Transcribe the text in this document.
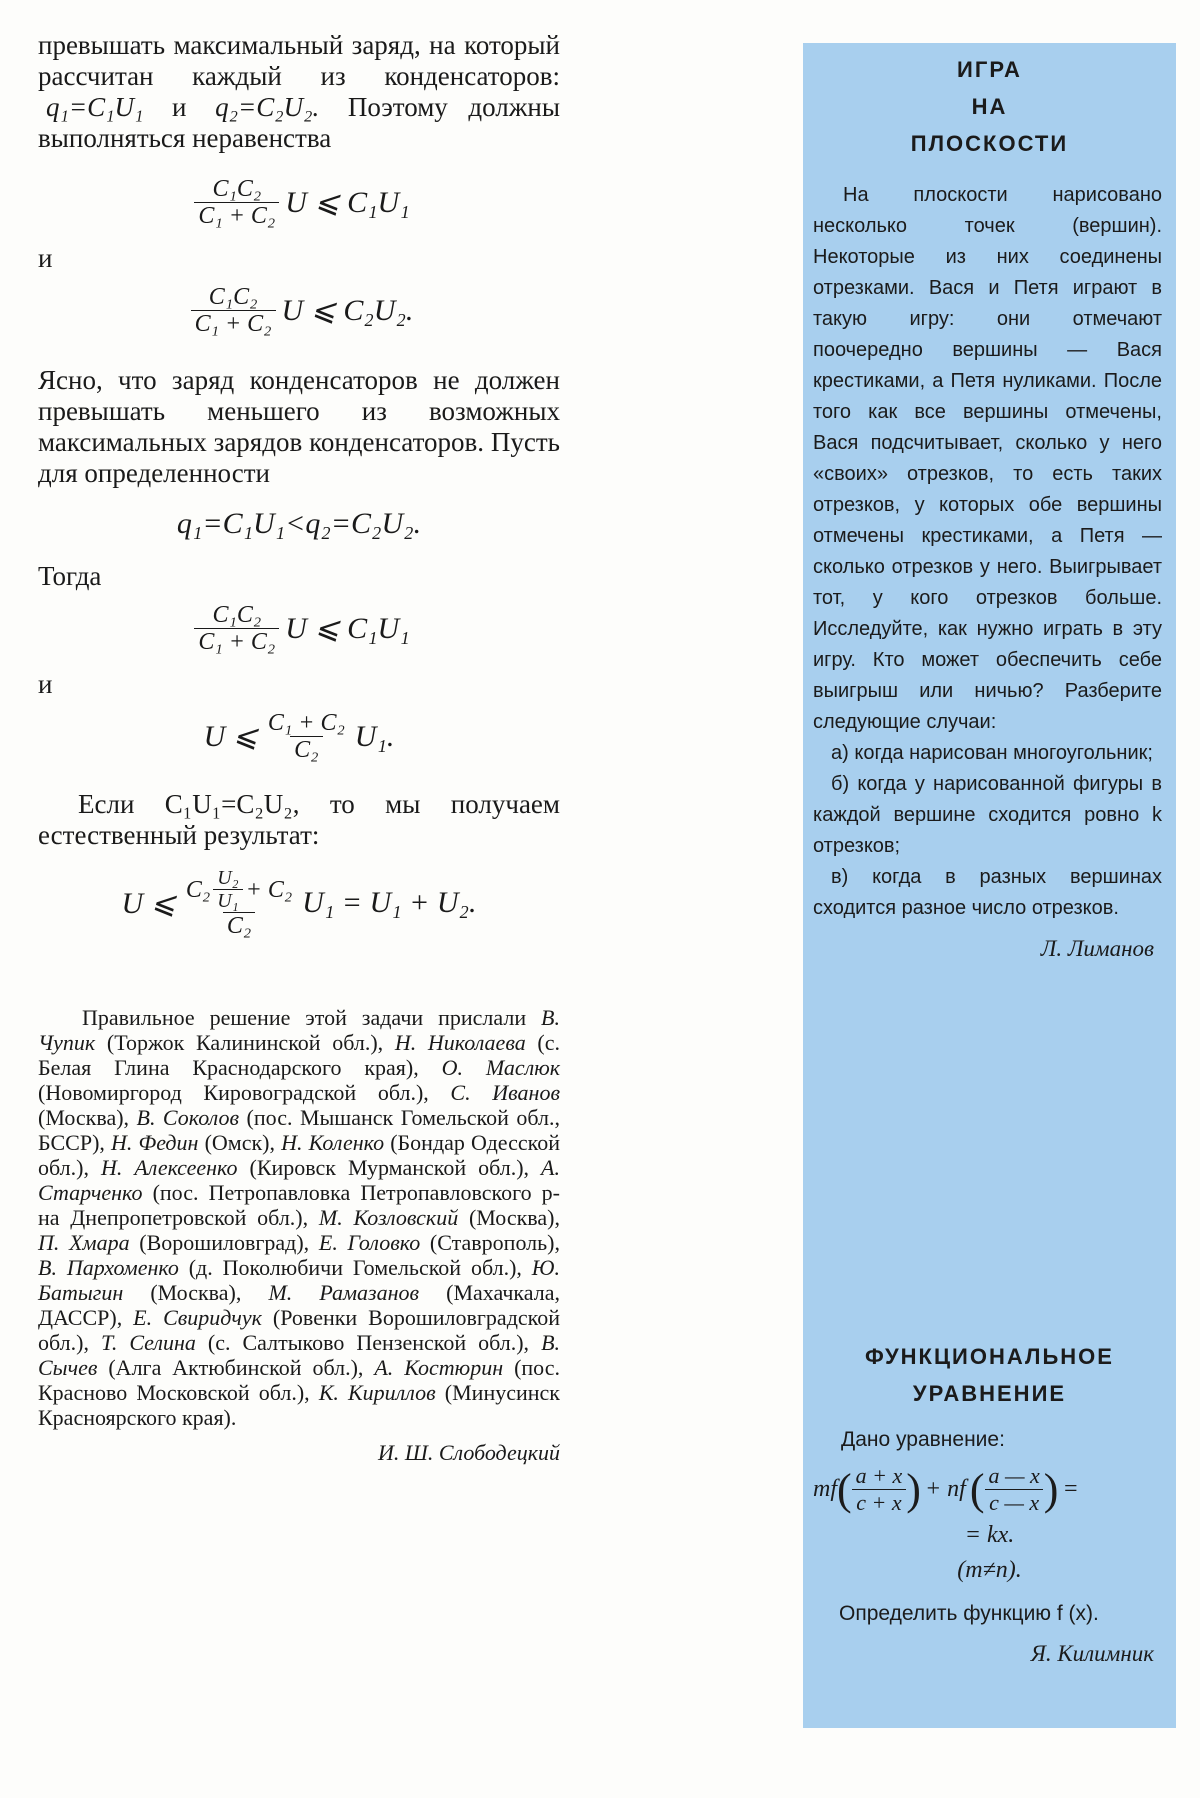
превышать максимальный заряд, на который рассчитан каждый из конденсаторов: q₁=C₁U₁ и q₂=C₂U₂. Поэтому должны выполняться неравенства

$\frac{\text{C₁C₂}}{\text{C₁ + C₂}}$ U ⩽ C₁U₁
и
$\frac{\text{C₁C₂}}{\text{C₁ + C₂}}$ U ⩽ C₂U₂.

Ясно, что заряд конденсаторов не должен превышать меньшего из возможных максимальных зарядов конденсаторов. Пусть для определенности

q₁=C₁U₁<q₂=C₂U₂.
Тогда
$\frac{\text{C₁C₂}}{\text{C₁ + C₂}}$ U ⩽ C₁U₁
и
U ⩽ $\frac{\text{C₁ + C₂}}{\text{C₂}} U_1$.

Если C₁U₁=C₂U₂, то мы получаем естественный результат:

U ⩽ $\frac{C_2 \frac{\text{U₂}}{\text{U₁}} + C_2}{\text{C₂}} U_1 = U_1 + U_2$.

Правильное решение этой задачи прислали В. Чупик (Торжок Калининской обл.), Н. Николаева (с. Белая Глина Краснодарского края), О. Маслюк (Новомиргород Кировоградской обл.), С. Иванов (Москва), В. Соколов (пос. Мышанск Гомельской обл., БССР), Н. Федин (Омск), Н. Коленко (Бондар Одесской обл.), Н. Алексеенко (Кировск Мурманской обл.), А. Старченко (пос. Петропавловка Петропавловского р-на Днепропетровской обл.), М. Козловский (Москва), П. Хмара (Ворошиловград), Е. Головко (Ставрополь), В. Пархоменко (д. Поколюбичи Гомельской обл.), Ю. Батыгин (Москва), М. Рамазанов (Махачкала, ДАССР), Е. Свиридчук (Ровенки Ворошиловградской обл.), Т. Селина (с. Салтыково Пензенской обл.), В. Сычев (Алга Актюбинской обл.), А. Костюрин (пос. Красново Московской обл.), К. Кириллов (Минусинск Красноярского края).

И. Ш. Слободецкий
ИГРА
НА
ПЛОСКОСТИ

На плоскости нарисовано несколько точек (вершин). Некоторые из них соединены отрезками. Вася и Петя играют в такую игру: они отмечают поочередно вершины — Вася крестиками, а Петя нуликами. После того как все вершины отмечены, Вася подсчитывает, сколько у него «своих» отрезков, то есть таких отрезков, у которых обе вершины отмечены крестиками, а Петя — сколько отрезков у него. Выигрывает тот, у кого отрезков больше. Исследуйте, как нужно играть в эту игру. Кто может обеспечить себе выигрыш или ничью? Разберите следующие случаи:

а) когда нарисован многоугольник;

б) когда у нарисованной фигуры в каждой вершине сходится ровно k отрезков;

в) когда в разных вершинах сходится разное число отрезков.

Л. Лиманов
ФУНКЦИОНАЛЬНОЕ
УРАВНЕНИЕ

Дано уравнение:

mf ( $\frac{a + x}{c + x}$ ) + nf ( $\frac{a — x}{c — x}$ ) =
= kx.
(m≠n).

Определить функцию f (x).

Я. Килимник
